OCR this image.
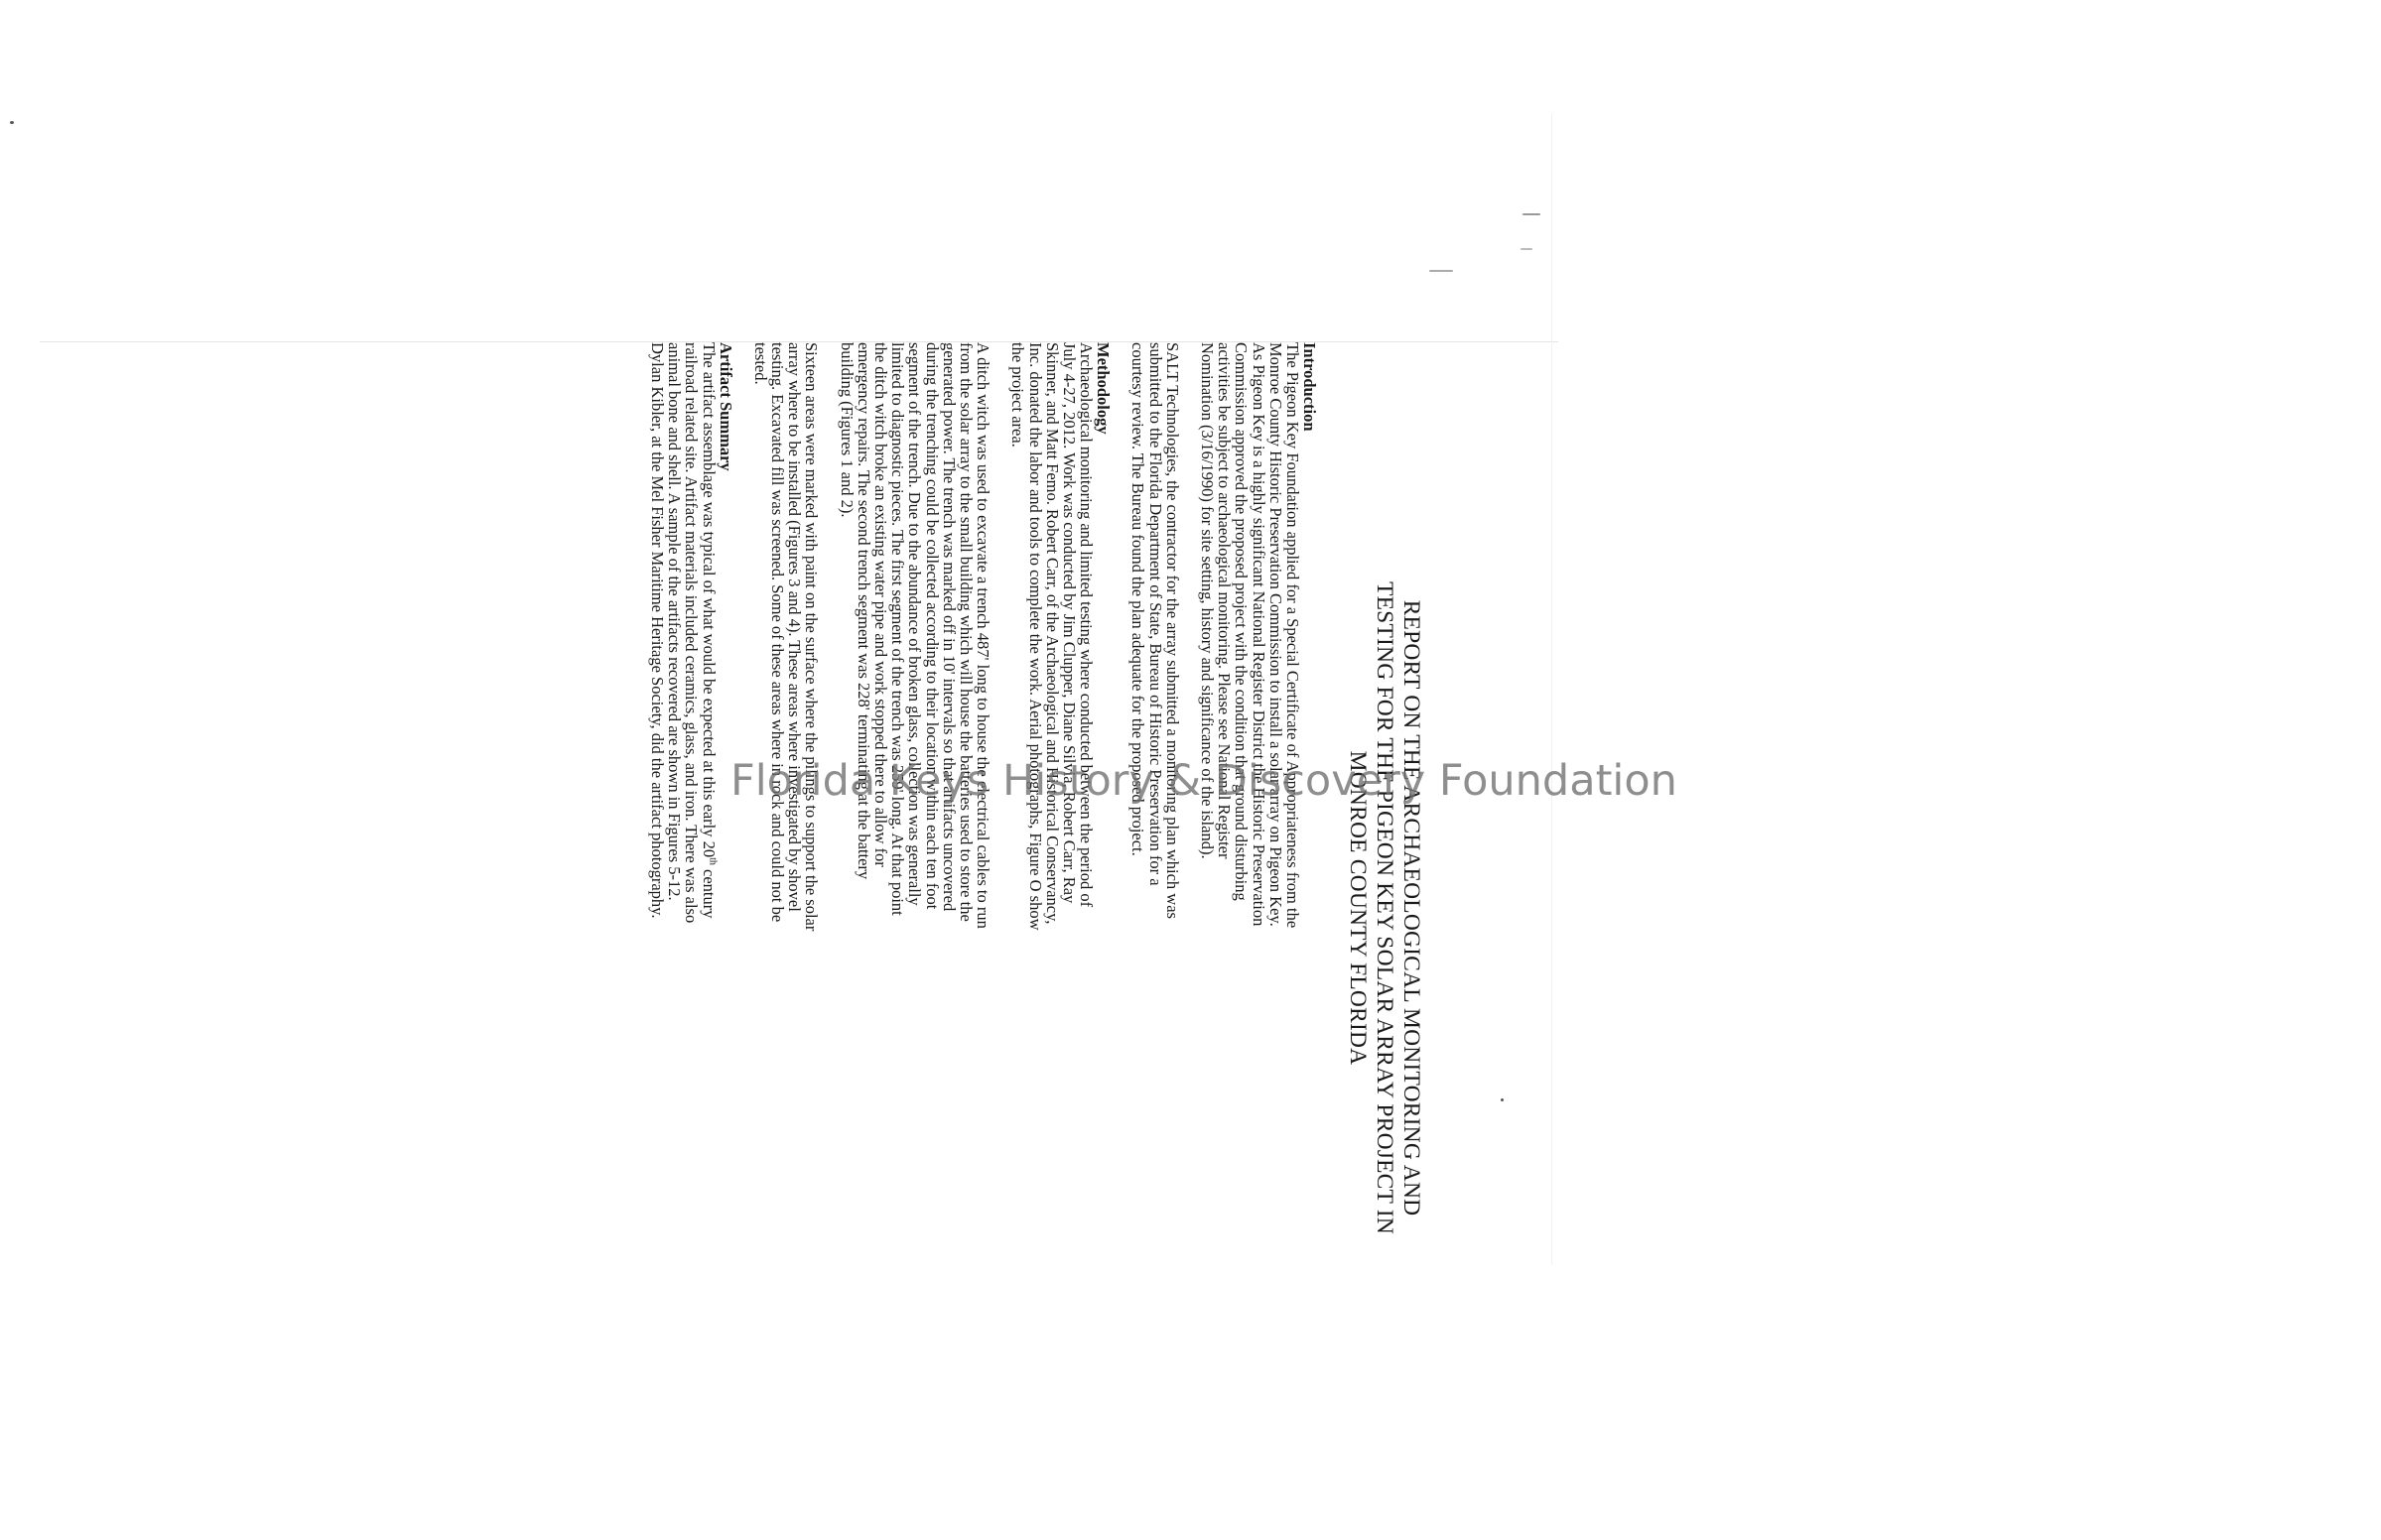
REPORT ON THE ARCHAEOLOGICAL MONITORING AND
TESTING FOR THE PIGEON KEY SOLAR ARRAY PROJECT IN
MONROE COUNTY FLORIDA

Introduction

The Pigeon Key Foundation applied for a Special Certificate of Appropriateness from the
Monroe County Historic Preservation Commission to install a solar array on Pigeon Key.
As Pigeon Key is a highly significant National Register District the Historic Preservation
Commission approved the proposed project with the condition that ground disturbing
activities be subject to archaeological monitoring. Please see National Register
Nomination (3/16/1990) for site setting, history and significance of the island).
SALT Technologies, the contractor for the array submitted a monitoring plan which was
submitted to the Florida Department of State, Bureau of Historic Preservation for a
courtesy review. The Bureau found the plan adequate for the proposed project.

Methodology

Archaeological monitoring and limited testing where conducted between the period of
July 4-27, 2012. Work was conducted by Jim Clupper, Diane Silvia, Robert Carr, Ray
Skinner, and Matt Femo. Robert Carr, of the Archaeological and Historical Conservancy,
Inc. donated the labor and tools to complete the work. Aerial photographs, Figure O show
the project area.
A ditch witch was used to excavate a trench 487' long to house the electrical cables to run
from the solar array to the small building which will house the batteries used to store the
generated power. The trench was marked off in 10' intervals so that artifacts uncovered
during the trenching could be collected according to their location within each ten foot
segment of the trench. Due to the abundance of broken glass, collection was generally
limited to diagnostic pieces. The first segment of the trench was 259' long. At that point
the ditch witch broke an existing water pipe and work stopped there to allow for
emergency repairs. The second trench segment was 228' terminating at the battery
building (Figures 1 and 2).
Sixteen areas were marked with paint on the surface where the pilings to support the solar
array where to be installed (Figures 3 and 4). These areas where investigated by shovel
testing. Excavated fill was screened. Some of these areas where in rock and could not be
tested.

Artifact Summary

The artifact assemblage was typical of what would be expected at this early 20th century
railroad related site. Artifact materials included ceramics, glass, and iron. There was also
animal bone and shell. A sample of the artifacts recovered are shown in Figures 5-12.
Dylan Kibler, at the Mel Fisher Maritime Heritage Society, did the artifact photography. Florida Keys History & Discovery Foundation
